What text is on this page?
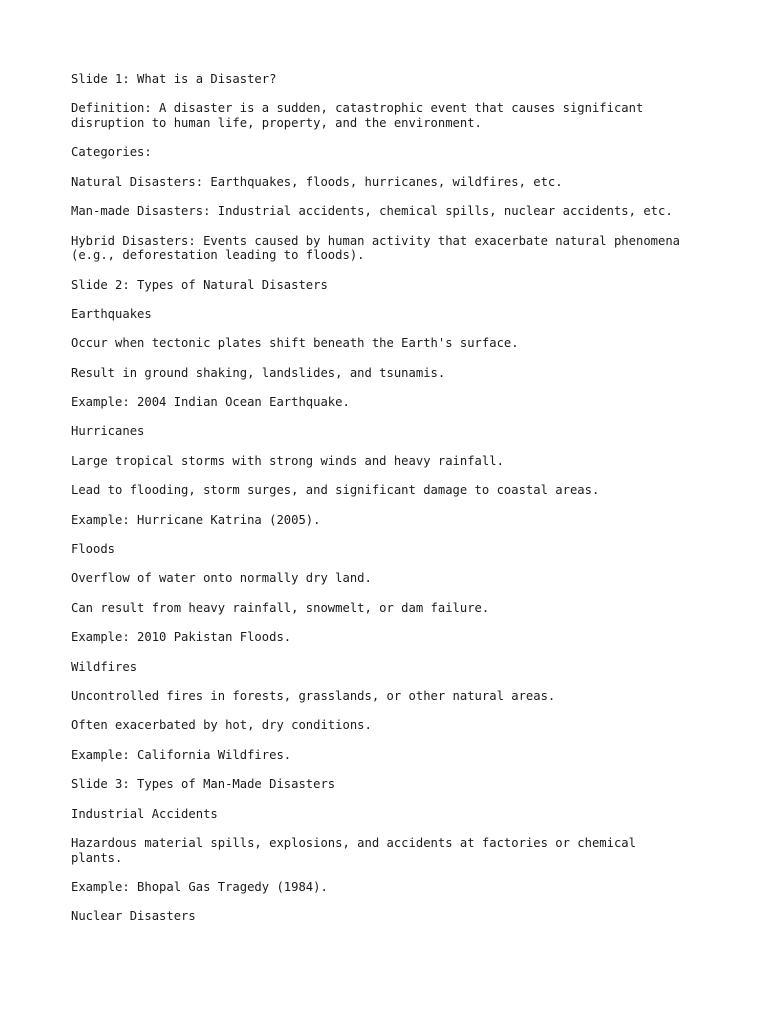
Slide 1: What is a Disaster?

Definition: A disaster is a sudden, catastrophic event that causes significant
disruption to human life, property, and the environment.

Categories:

Natural Disasters: Earthquakes, floods, hurricanes, wildfires, etc.

Man-made Disasters: Industrial accidents, chemical spills, nuclear accidents, etc.

Hybrid Disasters: Events caused by human activity that exacerbate natural phenomena
(e.g., deforestation leading to floods).

Slide 2: Types of Natural Disasters

Earthquakes

Occur when tectonic plates shift beneath the Earth's surface.

Result in ground shaking, landslides, and tsunamis.

Example: 2004 Indian Ocean Earthquake.

Hurricanes

Large tropical storms with strong winds and heavy rainfall.

Lead to flooding, storm surges, and significant damage to coastal areas.

Example: Hurricane Katrina (2005).

Floods

Overflow of water onto normally dry land.

Can result from heavy rainfall, snowmelt, or dam failure.

Example: 2010 Pakistan Floods.

Wildfires

Uncontrolled fires in forests, grasslands, or other natural areas.

Often exacerbated by hot, dry conditions.

Example: California Wildfires.

Slide 3: Types of Man-Made Disasters

Industrial Accidents

Hazardous material spills, explosions, and accidents at factories or chemical
plants.

Example: Bhopal Gas Tragedy (1984).

Nuclear Disasters
